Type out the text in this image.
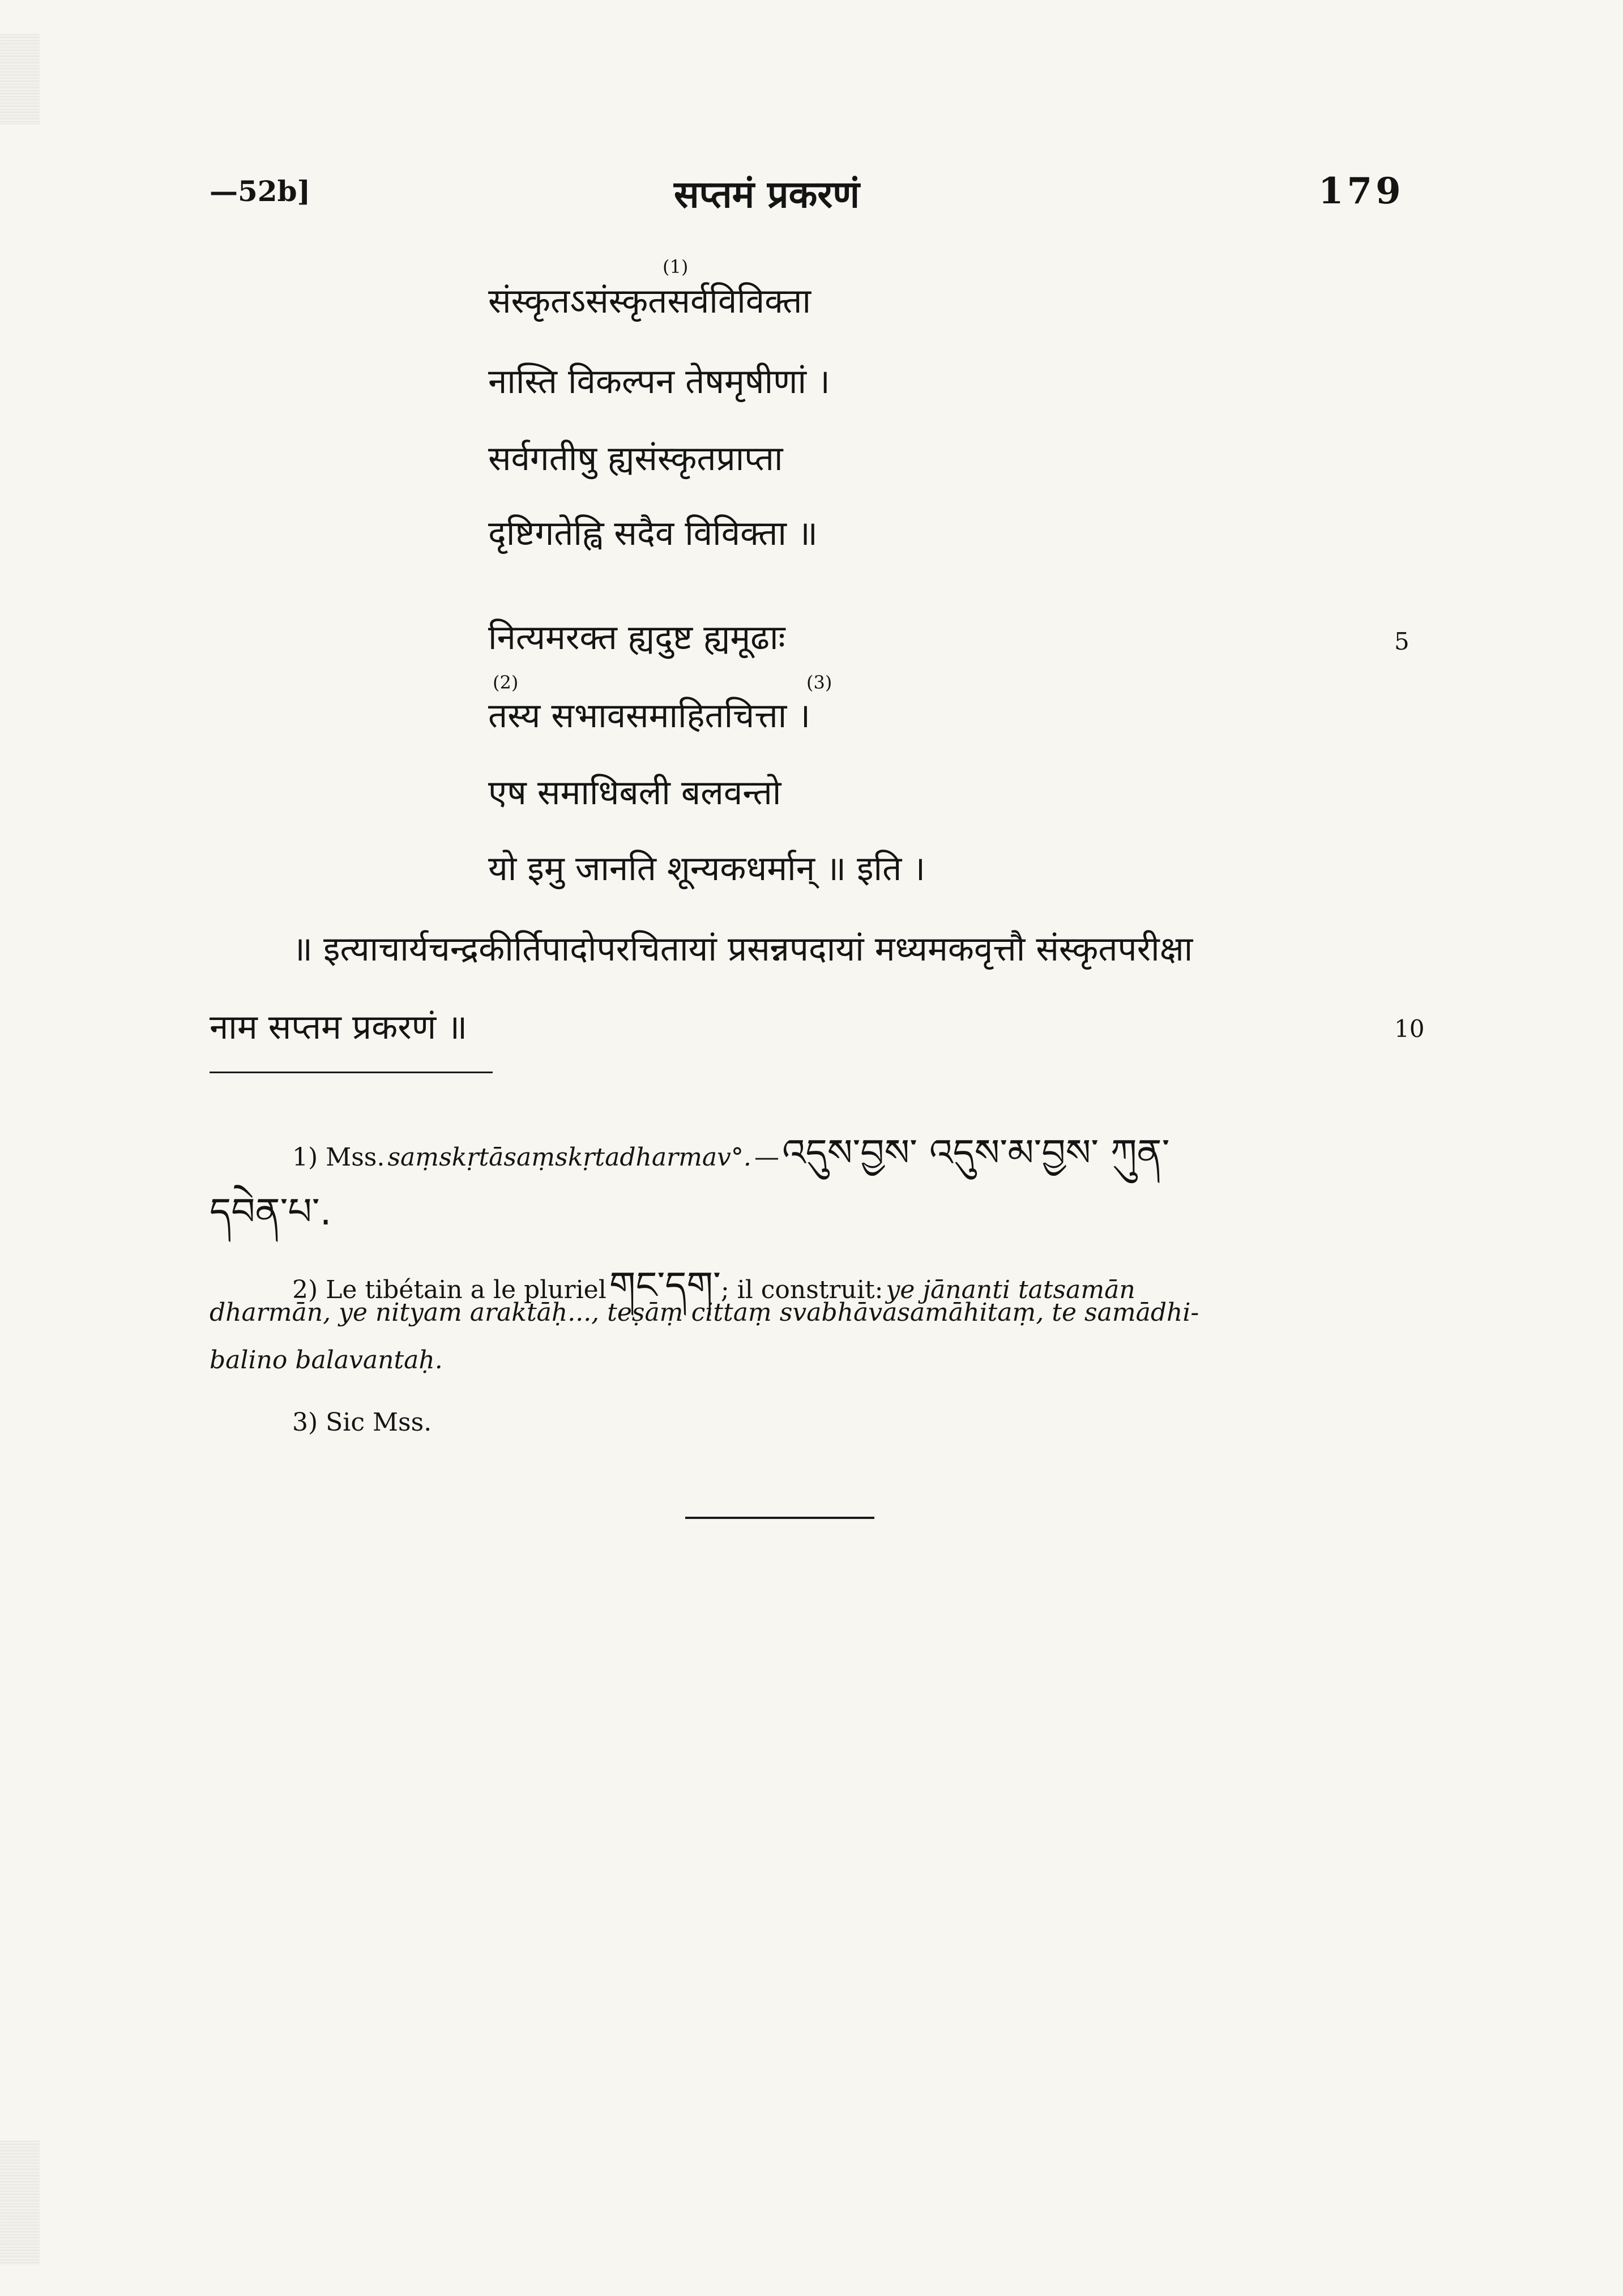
—52b]	सप्तमं प्रकरणं	179
(1)
संस्कृतऽसंस्कृतसर्वविविक्ता
नास्ति विकल्पन तेषमृषीणां ।
सर्वगतीषु ह्यसंस्कृतप्राप्ता
दृष्टिगतेह्वि सदैव विविक्ता ॥
नित्यमरक्त ह्यदुष्ट ह्यमूढाः	5
(2)	(3)
तस्य सभावसमाहितचित्ता ।
एष समाधिबली बलवन्तो
यो इमु जानति शून्यकधर्मान् ॥ इति ।
॥ इत्याचार्यचन्द्रकीर्तिपादोपरचितायां प्रसन्नपदायां मध्यमकवृत्तौ संस्कृतपरीक्षा
नाम सप्तम प्रकरणं ॥	10
1) Mss. saṃskṛtāsaṃskṛtadharmav°. — འདུས་བྱས་ འདུས་མ་བྱས་ ཀུན་
དབེན་པ་.
2) Le tibétain a le pluriel གང་དག་; il construit: ye jānanti tatsamān
dharmān, ye nityam araktāḥ..., teṣāṃ cittaṃ svabhāvasamāhitaṃ, te samādhi-
balino balavantaḥ.
3) Sic Mss.
